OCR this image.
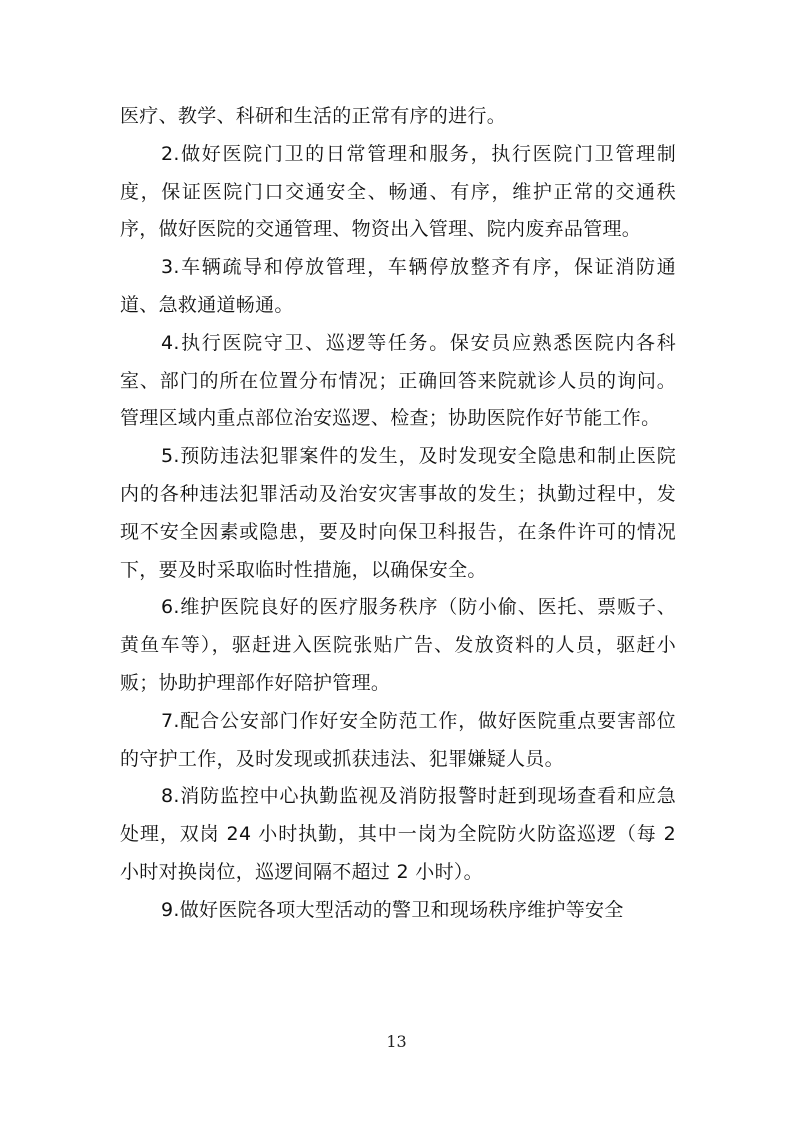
医疗、教学、科研和生活的正常有序的进行。

2.做好医院门卫的日常管理和服务，执行医院门卫管理制度，保证医院门口交通安全、畅通、有序，维护正常的交通秩序，做好医院的交通管理、物资出入管理、院内废弃品管理。

3.车辆疏导和停放管理，车辆停放整齐有序，保证消防通道、急救通道畅通。

4.执行医院守卫、巡逻等任务。保安员应熟悉医院内各科室、部门的所在位置分布情况；正确回答来院就诊人员的询问。管理区域内重点部位治安巡逻、检查；协助医院作好节能工作。

5.预防违法犯罪案件的发生，及时发现安全隐患和制止医院内的各种违法犯罪活动及治安灾害事故的发生；执勤过程中，发现不安全因素或隐患，要及时向保卫科报告，在条件许可的情况下，要及时采取临时性措施，以确保安全。

6.维护医院良好的医疗服务秩序（防小偷、医托、票贩子、黄鱼车等），驱赶进入医院张贴广告、发放资料的人员，驱赶小贩；协助护理部作好陪护管理。

7.配合公安部门作好安全防范工作，做好医院重点要害部位的守护工作，及时发现或抓获违法、犯罪嫌疑人员。

8.消防监控中心执勤监视及消防报警时赶到现场查看和应急处理，双岗 24 小时执勤，其中一岗为全院防火防盗巡逻（每 2 小时对换岗位，巡逻间隔不超过 2 小时）。

9.做好医院各项大型活动的警卫和现场秩序维护等安全

13
